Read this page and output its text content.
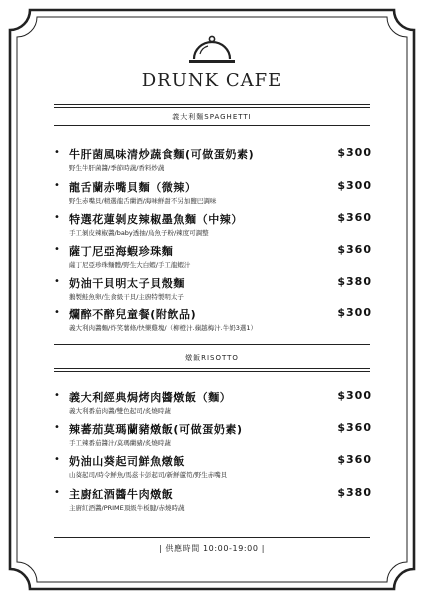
DRUNK CAFE
義大利麵SPAGHETTI
• 牛肝菌風味清炒蔬食麵(可做蛋奶素)	$300
野生牛肝菌醬/季節時蔬/香料炒蔬
• 龍舌蘭赤嘴貝麵（微辣）	$300
野生赤嘴貝/精選龍舌蘭酒/海味鮮甜不另加鹽巴調味
• 特選花蓮剝皮辣椒墨魚麵（中辣）	$360
手工剝皮辣椒醬/baby透抽/烏魚子粉/辣度可調整
• 薩丁尼亞海蝦珍珠麵	$360
薩丁尼亞珍珠麵體/野生大白蝦/手工龍蝦汁
• 奶油干貝明太子貝殼麵	$380
鵝製鮭魚卵/生食級干貝/主廚特製明太子
• 爛醉不醉兒童餐(附飲品)	$300
義大利肉醬麵/炸笑薯條/快樂雞塊/（柳橙汁.蘋越梅汁.牛奶3選1）
燉飯RISOTTO
• 義大利經典焗烤肉醬燉飯（麵）	$300
義大利番茄肉醬/雙色起司/炙燒時蔬
• 辣蕃茄莫瑪蘭豬燉飯(可做蛋奶素)	$360
手工辣番茄醬汁/莫瑪蘭豬/炙燒時蔬
• 奶油山葵起司鮮魚燉飯	$360
山葵起司/時令鮮魚/馬茲卡彭起司/新鮮蘆筍/野生赤嘴貝
• 主廚紅酒醬牛肉燉飯	$380
主廚紅酒醬/PRIME頂級牛板腱/赤燒時蔬
| 供應時間 10:00-19:00 |
